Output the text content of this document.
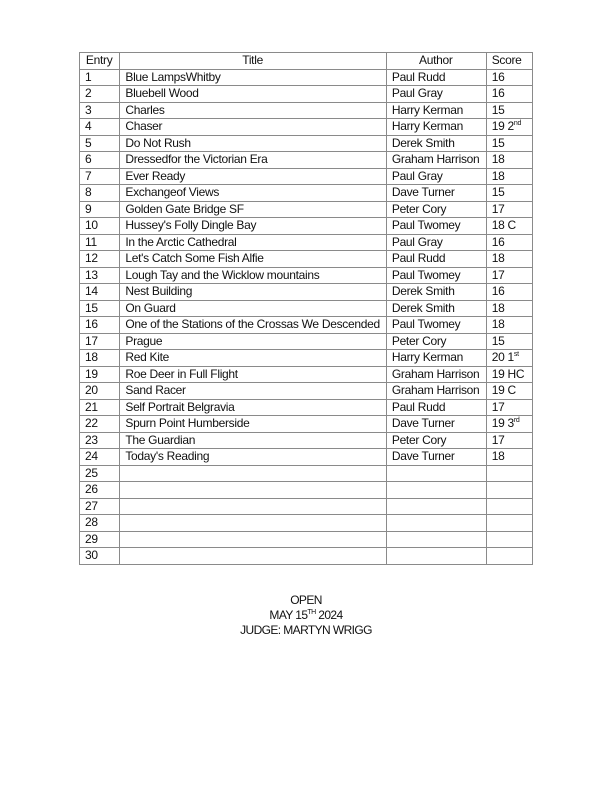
Entry	Title	Author	Score
1	Blue LampsWhitby	Paul Rudd	16
2	Bluebell Wood	Paul Gray	16
3	Charles	Harry Kerman	15
4	Chaser	Harry Kerman	19 2nd
5	Do Not Rush	Derek Smith	15
6	Dressedfor the Victorian Era	Graham Harrison	18
7	Ever Ready	Paul Gray	18
8	Exchangeof Views	Dave Turner	15
9	Golden Gate Bridge SF	Peter Cory	17
10	Hussey's Folly Dingle Bay	Paul Twomey	18 C
11	In the Arctic Cathedral	Paul Gray	16
12	Let's Catch Some Fish Alfie	Paul Rudd	18
13	Lough Tay and the Wicklow mountains	Paul Twomey	17
14	Nest Building	Derek Smith	16
15	On Guard	Derek Smith	18
16	One of the Stations of the Crossas We Descended	Paul Twomey	18
17	Prague	Peter Cory	15
18	Red Kite	Harry Kerman	20 1st
19	Roe Deer in Full Flight	Graham Harrison	19 HC
20	Sand Racer	Graham Harrison	19 C
21	Self Portrait Belgravia	Paul Rudd	17
22	Spurn Point Humberside	Dave Turner	19 3rd
23	The Guardian	Peter Cory	17
24	Today's Reading	Dave Turner	18
25			
26			
27			
28			
29			
30			
OPEN
MAY 15TH 2024
JUDGE: MARTYN WRIGG
